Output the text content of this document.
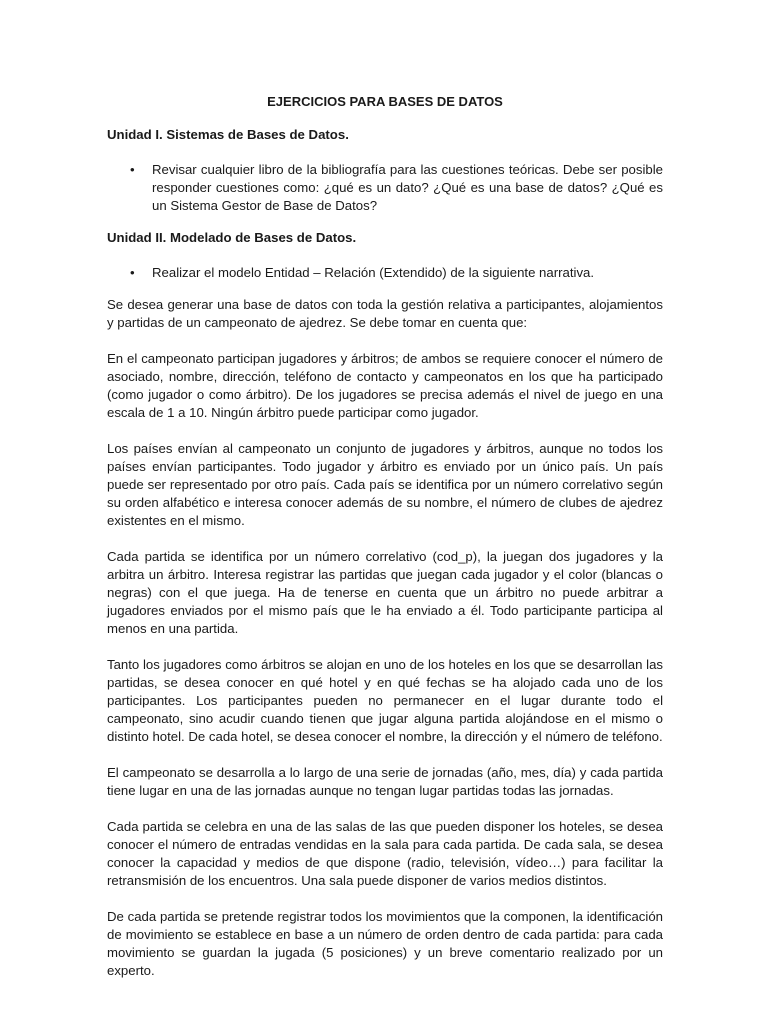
EJERCICIOS PARA BASES DE DATOS
Unidad I. Sistemas de Bases de Datos.
• Revisar cualquier libro de la bibliografía para las cuestiones teóricas. Debe ser posible responder cuestiones como: ¿qué es un dato? ¿Qué es una base de datos? ¿Qué es un Sistema Gestor de Base de Datos?
Unidad II. Modelado de Bases de Datos.
• Realizar el modelo Entidad – Relación (Extendido) de la siguiente narrativa.

Se desea generar una base de datos con toda la gestión relativa a participantes, alojamientos y partidas de un campeonato de ajedrez. Se debe tomar en cuenta que:

En el campeonato participan jugadores y árbitros; de ambos se requiere conocer el número de asociado, nombre, dirección, teléfono de contacto y campeonatos en los que ha participado (como jugador o como árbitro). De los jugadores se precisa además el nivel de juego en una escala de 1 a 10. Ningún árbitro puede participar como jugador.

Los países envían al campeonato un conjunto de jugadores y árbitros, aunque no todos los países envían participantes. Todo jugador y árbitro es enviado por un único país. Un país puede ser representado por otro país. Cada país se identifica por un número correlativo según su orden alfabético e interesa conocer además de su nombre, el número de clubes de ajedrez existentes en el mismo.

Cada partida se identifica por un número correlativo (cod_p), la juegan dos jugadores y la arbitra un árbitro. Interesa registrar las partidas que juegan cada jugador y el color (blancas o negras) con el que juega. Ha de tenerse en cuenta que un árbitro no puede arbitrar a jugadores enviados por el mismo país que le ha enviado a él. Todo participante participa al menos en una partida.

Tanto los jugadores como árbitros se alojan en uno de los hoteles en los que se desarrollan las partidas, se desea conocer en qué hotel y en qué fechas se ha alojado cada uno de los participantes. Los participantes pueden no permanecer en el lugar durante todo el campeonato, sino acudir cuando tienen que jugar alguna partida alojándose en el mismo o distinto hotel. De cada hotel, se desea conocer el nombre, la dirección y el número de teléfono.

El campeonato se desarrolla a lo largo de una serie de jornadas (año, mes, día) y cada partida tiene lugar en una de las jornadas aunque no tengan lugar partidas todas las jornadas.

Cada partida se celebra en una de las salas de las que pueden disponer los hoteles, se desea conocer el número de entradas vendidas en la sala para cada partida. De cada sala, se desea conocer la capacidad y medios de que dispone (radio, televisión, vídeo…) para facilitar la retransmisión de los encuentros. Una sala puede disponer de varios medios distintos.

De cada partida se pretende registrar todos los movimientos que la componen, la identificación de movimiento se establece en base a un número de orden dentro de cada partida: para cada movimiento se guardan la jugada (5 posiciones) y un breve comentario realizado por un experto.
